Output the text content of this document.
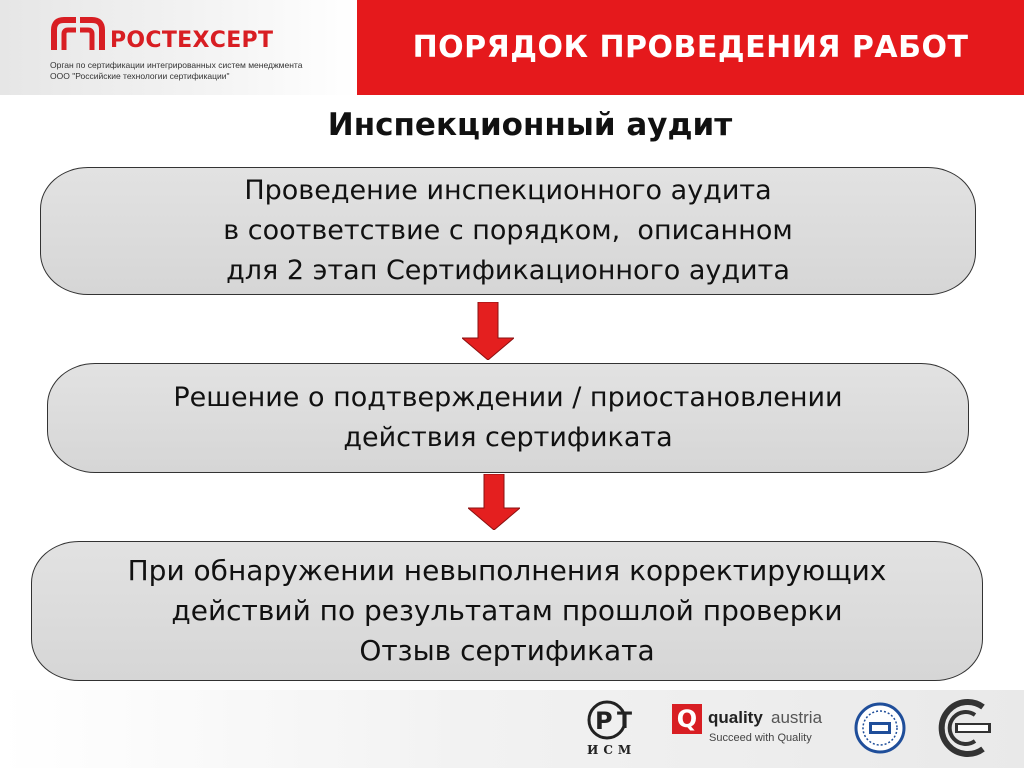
ПОРЯДОК ПРОВЕДЕНИЯ РАБОТ
РОСТЕХСЕРТ
Орган по сертификации интегрированных систем менеджмента
ООО "Российские технологии сертификации"
Инспекционный аудит
Проведение инспекционного аудита
в соответствие с порядком,  описанном
для 2 этап Сертификационного аудита
Решение о подтверждении / приостановлении
действия сертификата
При обнаружении невыполнения корректирующих
действий по результатам прошлой проверки
Отзыв сертификата
Р Т
ИСМ
Q quality austria
Succeed with Quality
